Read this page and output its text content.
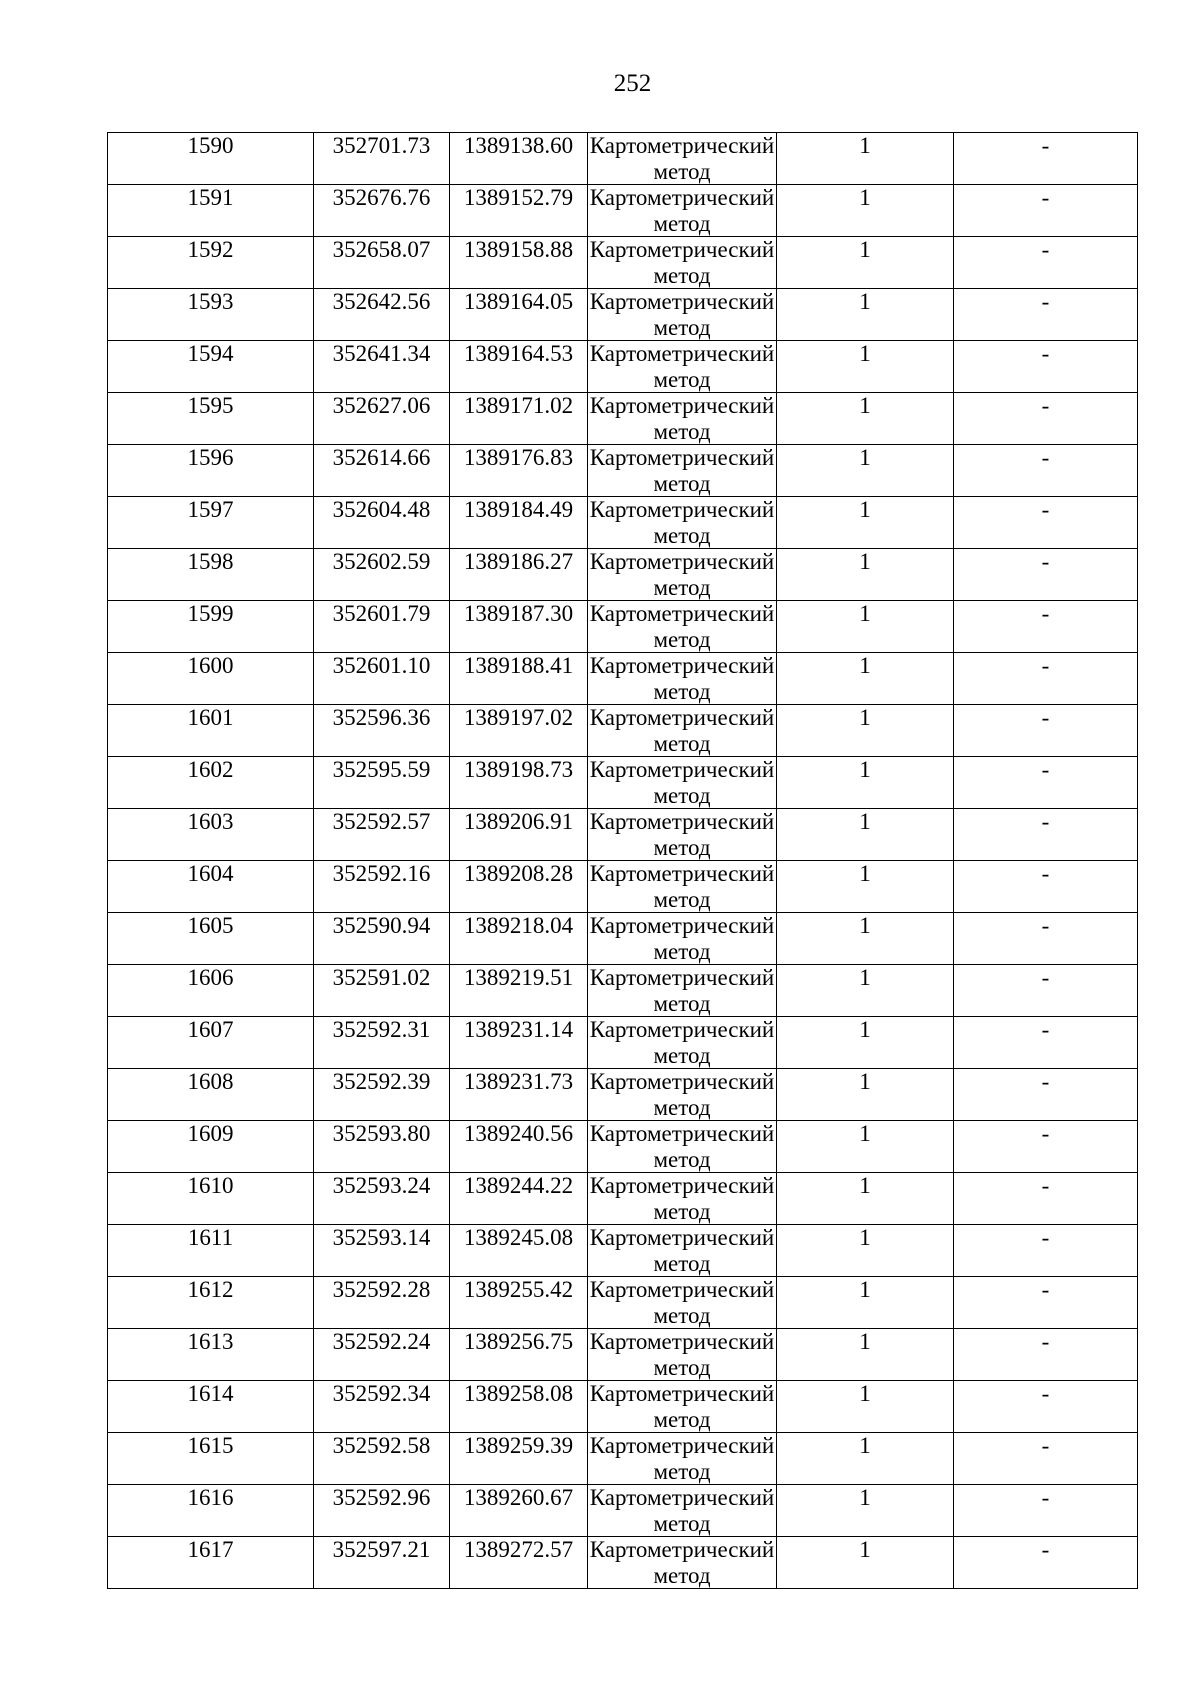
252
1590	352701.73	1389138.60	Картометрический метод	1	-
1591	352676.76	1389152.79	Картометрический метод	1	-
1592	352658.07	1389158.88	Картометрический метод	1	-
1593	352642.56	1389164.05	Картометрический метод	1	-
1594	352641.34	1389164.53	Картометрический метод	1	-
1595	352627.06	1389171.02	Картометрический метод	1	-
1596	352614.66	1389176.83	Картометрический метод	1	-
1597	352604.48	1389184.49	Картометрический метод	1	-
1598	352602.59	1389186.27	Картометрический метод	1	-
1599	352601.79	1389187.30	Картометрический метод	1	-
1600	352601.10	1389188.41	Картометрический метод	1	-
1601	352596.36	1389197.02	Картометрический метод	1	-
1602	352595.59	1389198.73	Картометрический метод	1	-
1603	352592.57	1389206.91	Картометрический метод	1	-
1604	352592.16	1389208.28	Картометрический метод	1	-
1605	352590.94	1389218.04	Картометрический метод	1	-
1606	352591.02	1389219.51	Картометрический метод	1	-
1607	352592.31	1389231.14	Картометрический метод	1	-
1608	352592.39	1389231.73	Картометрический метод	1	-
1609	352593.80	1389240.56	Картометрический метод	1	-
1610	352593.24	1389244.22	Картометрический метод	1	-
1611	352593.14	1389245.08	Картометрический метод	1	-
1612	352592.28	1389255.42	Картометрический метод	1	-
1613	352592.24	1389256.75	Картометрический метод	1	-
1614	352592.34	1389258.08	Картометрический метод	1	-
1615	352592.58	1389259.39	Картометрический метод	1	-
1616	352592.96	1389260.67	Картометрический метод	1	-
1617	352597.21	1389272.57	Картометрический метод	1	-
